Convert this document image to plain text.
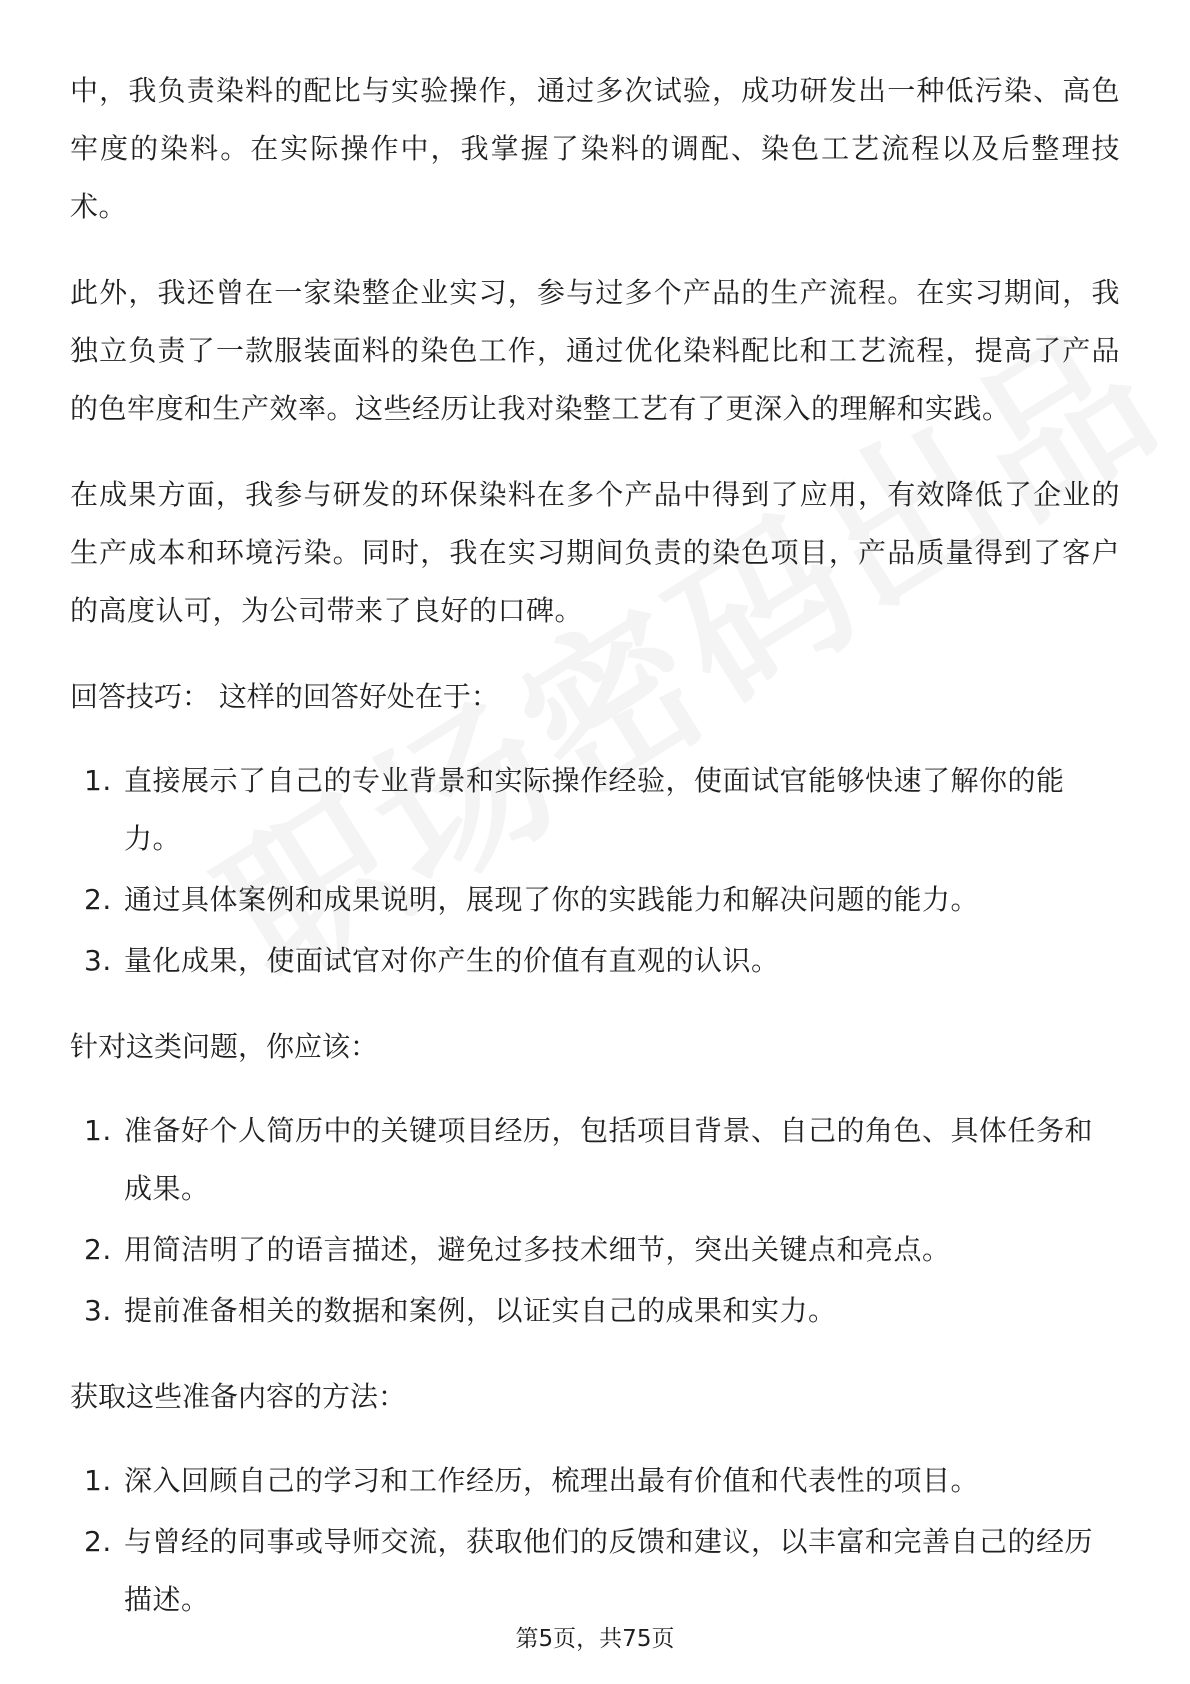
中，我负责染料的配比与实验操作，通过多次试验，成功研发出一种低污染、高色牢度的染料。在实际操作中，我掌握了染料的调配、染色工艺流程以及后整理技术。

此外，我还曾在一家染整企业实习，参与过多个产品的生产流程。在实习期间，我独立负责了一款服装面料的染色工作，通过优化染料配比和工艺流程，提高了产品的色牢度和生产效率。这些经历让我对染整工艺有了更深入的理解和实践。

在成果方面，我参与研发的环保染料在多个产品中得到了应用，有效降低了企业的生产成本和环境污染。同时，我在实习期间负责的染色项目，产品质量得到了客户的高度认可，为公司带来了良好的口碑。

回答技巧： 这样的回答好处在于：

1. 直接展示了自己的专业背景和实际操作经验，使面试官能够快速了解你的能力。
2. 通过具体案例和成果说明，展现了你的实践能力和解决问题的能力。
3. 量化成果，使面试官对你产生的价值有直观的认识。

针对这类问题，你应该：

1. 准备好个人简历中的关键项目经历，包括项目背景、自己的角色、具体任务和成果。
2. 用简洁明了的语言描述，避免过多技术细节，突出关键点和亮点。
3. 提前准备相关的数据和案例，以证实自己的成果和实力。

获取这些准备内容的方法：

1. 深入回顾自己的学习和工作经历，梳理出最有价值和代表性的项目。
2. 与曾经的同事或导师交流，获取他们的反馈和建议，以丰富和完善自己的经历描述。
第5页，共75页
